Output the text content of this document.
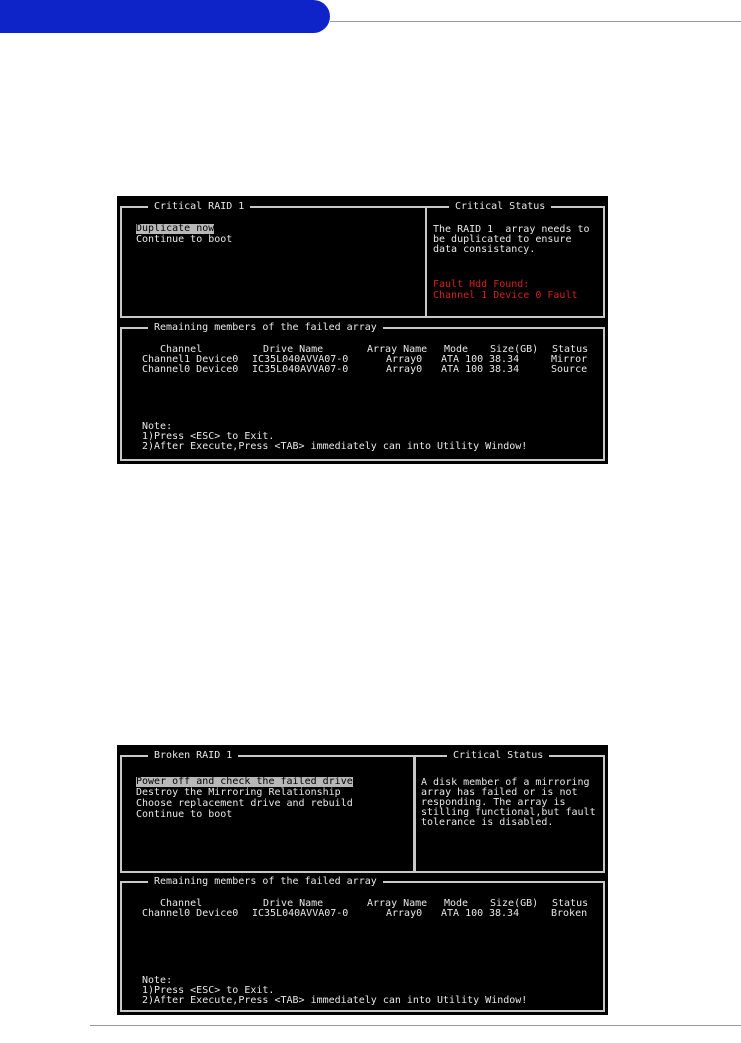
Critical RAID 1
Duplicate now
Continue to boot
Critical Status
The RAID 1  array needs to
be duplicated to ensure
data consistancy.
Fault Hdd Found:
Channel 1 Device 0 Fault
Remaining members of the failed array
Channel	Drive Name	Array Name Mode Size(GB) Status
Channel1 Device0 IC35L040AVVA07-0	Array0 ATA 100 38.34	Mirror
Channel0 Device0 IC35L040AVVA07-0	Array0 ATA 100 38.34	Source
Note:
1)Press <ESC> to Exit.
2)After Execute,Press <TAB> immediately can into Utility Window!
Broken RAID 1
Power off and check the failed drive
Destroy the Mirroring Relationship
Choose replacement drive and rebuild
Continue to boot
Critical Status
A disk member of a mirroring
array has failed or is not
responding. The array is
stilling functional,but fault
tolerance is disabled.
Remaining members of the failed array
Channel	Drive Name	Array Name Mode Size(GB) Status
Channel0 Device0 IC35L040AVVA07-0	Array0 ATA 100 38.34	Broken
Note:
1)Press <ESC> to Exit.
2)After Execute,Press <TAB> immediately can into Utility Window!
